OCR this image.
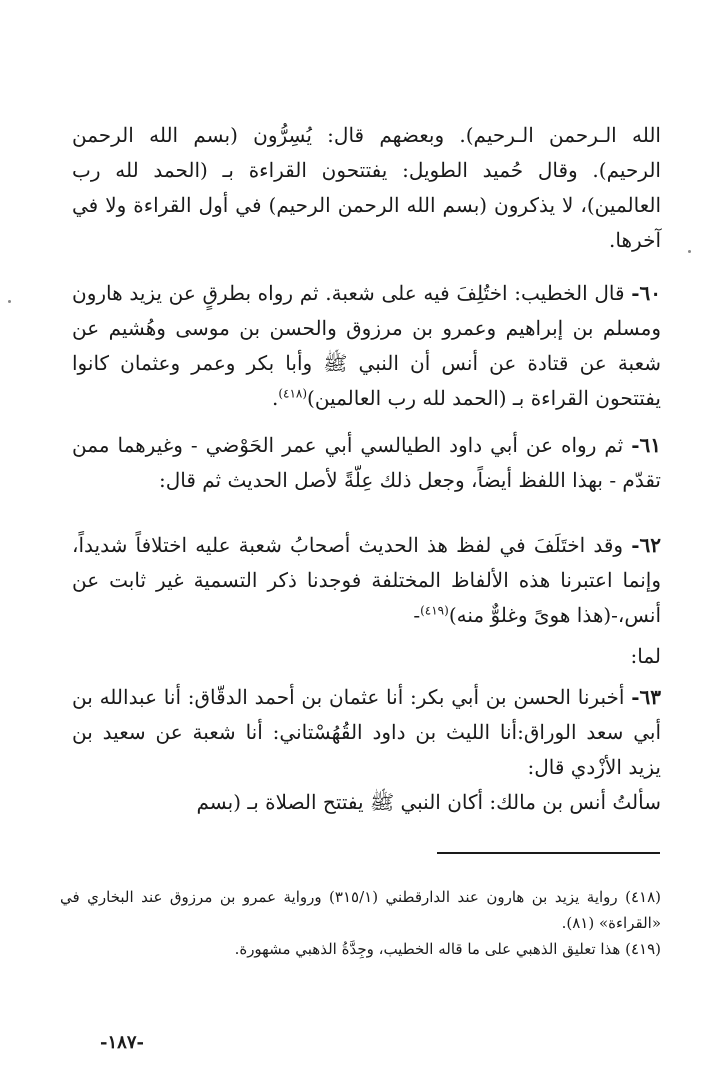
الله الـرحمن الـرحيم). وبعضهم قال: يُسِرُّون (بسم الله الرحمن الرحيم). وقال حُميد الطويل: يفتتحون القراءة بـ (الحمد لله رب العالمين)، لا يذكرون (بسم الله الرحمن الرحيم) في أول القراءة ولا في آخرها.

٦٠- قال الخطيب: اختُلِفَ فيه على شعبة. ثم رواه بطرقٍ عن يزيد هارون ومسلم بن إبراهيم وعمرو بن مرزوق والحسن بن موسى وهُشيم عن شعبة عن قتادة عن أنس أن النبي ﷺ وأبا بكر وعمر وعثمان كانوا يفتتحون القراءة بـ (الحمد لله رب العالمين)$^{(٤١٨)}$.

٦١- ثم رواه عن أبي داود الطيالسي أبي عمر الحَوْضي - وغيرهما ممن تقدّم - بهذا اللفظ أيضاً، وجعل ذلك عِلّةً لأصل الحديث ثم قال:

٦٢- وقد اختَلَفَ في لفظ هذ الحديث أصحابُ شعبة عليه اختلافاً شديداً، وإنما اعتبرنا هذه الألفاظ المختلفة فوجدنا ذكر التسمية غير ثابت عن أنس،-(هذا هوىً وغلوٌّ منه)$^{(٤١٩)}$-

لما:

٦٣- أخبرنا الحسن بن أبي بكر: أنا عثمان بن أحمد الدقّاق: أنا عبدالله بن أبي سعد الوراق:أنا الليث بن داود القُهُسْتاني: أنا شعبة عن سعيد بن يزيد الأزْدي قال:

سألتُ أنس بن مالك: أكان النبي ﷺ يفتتح الصلاة بـ (بسم

(٤١٨) رواية يزيد بن هارون عند الدارقطني (٣١٥/١) ورواية عمرو بن مرزوق عند البخاري في «القراءة» (٨١).

(٤١٩) هذا تعليق الذهبي على ما قاله الخطيب، وجِدَّةُ الذهبي مشهورة.

-١٨٧-
